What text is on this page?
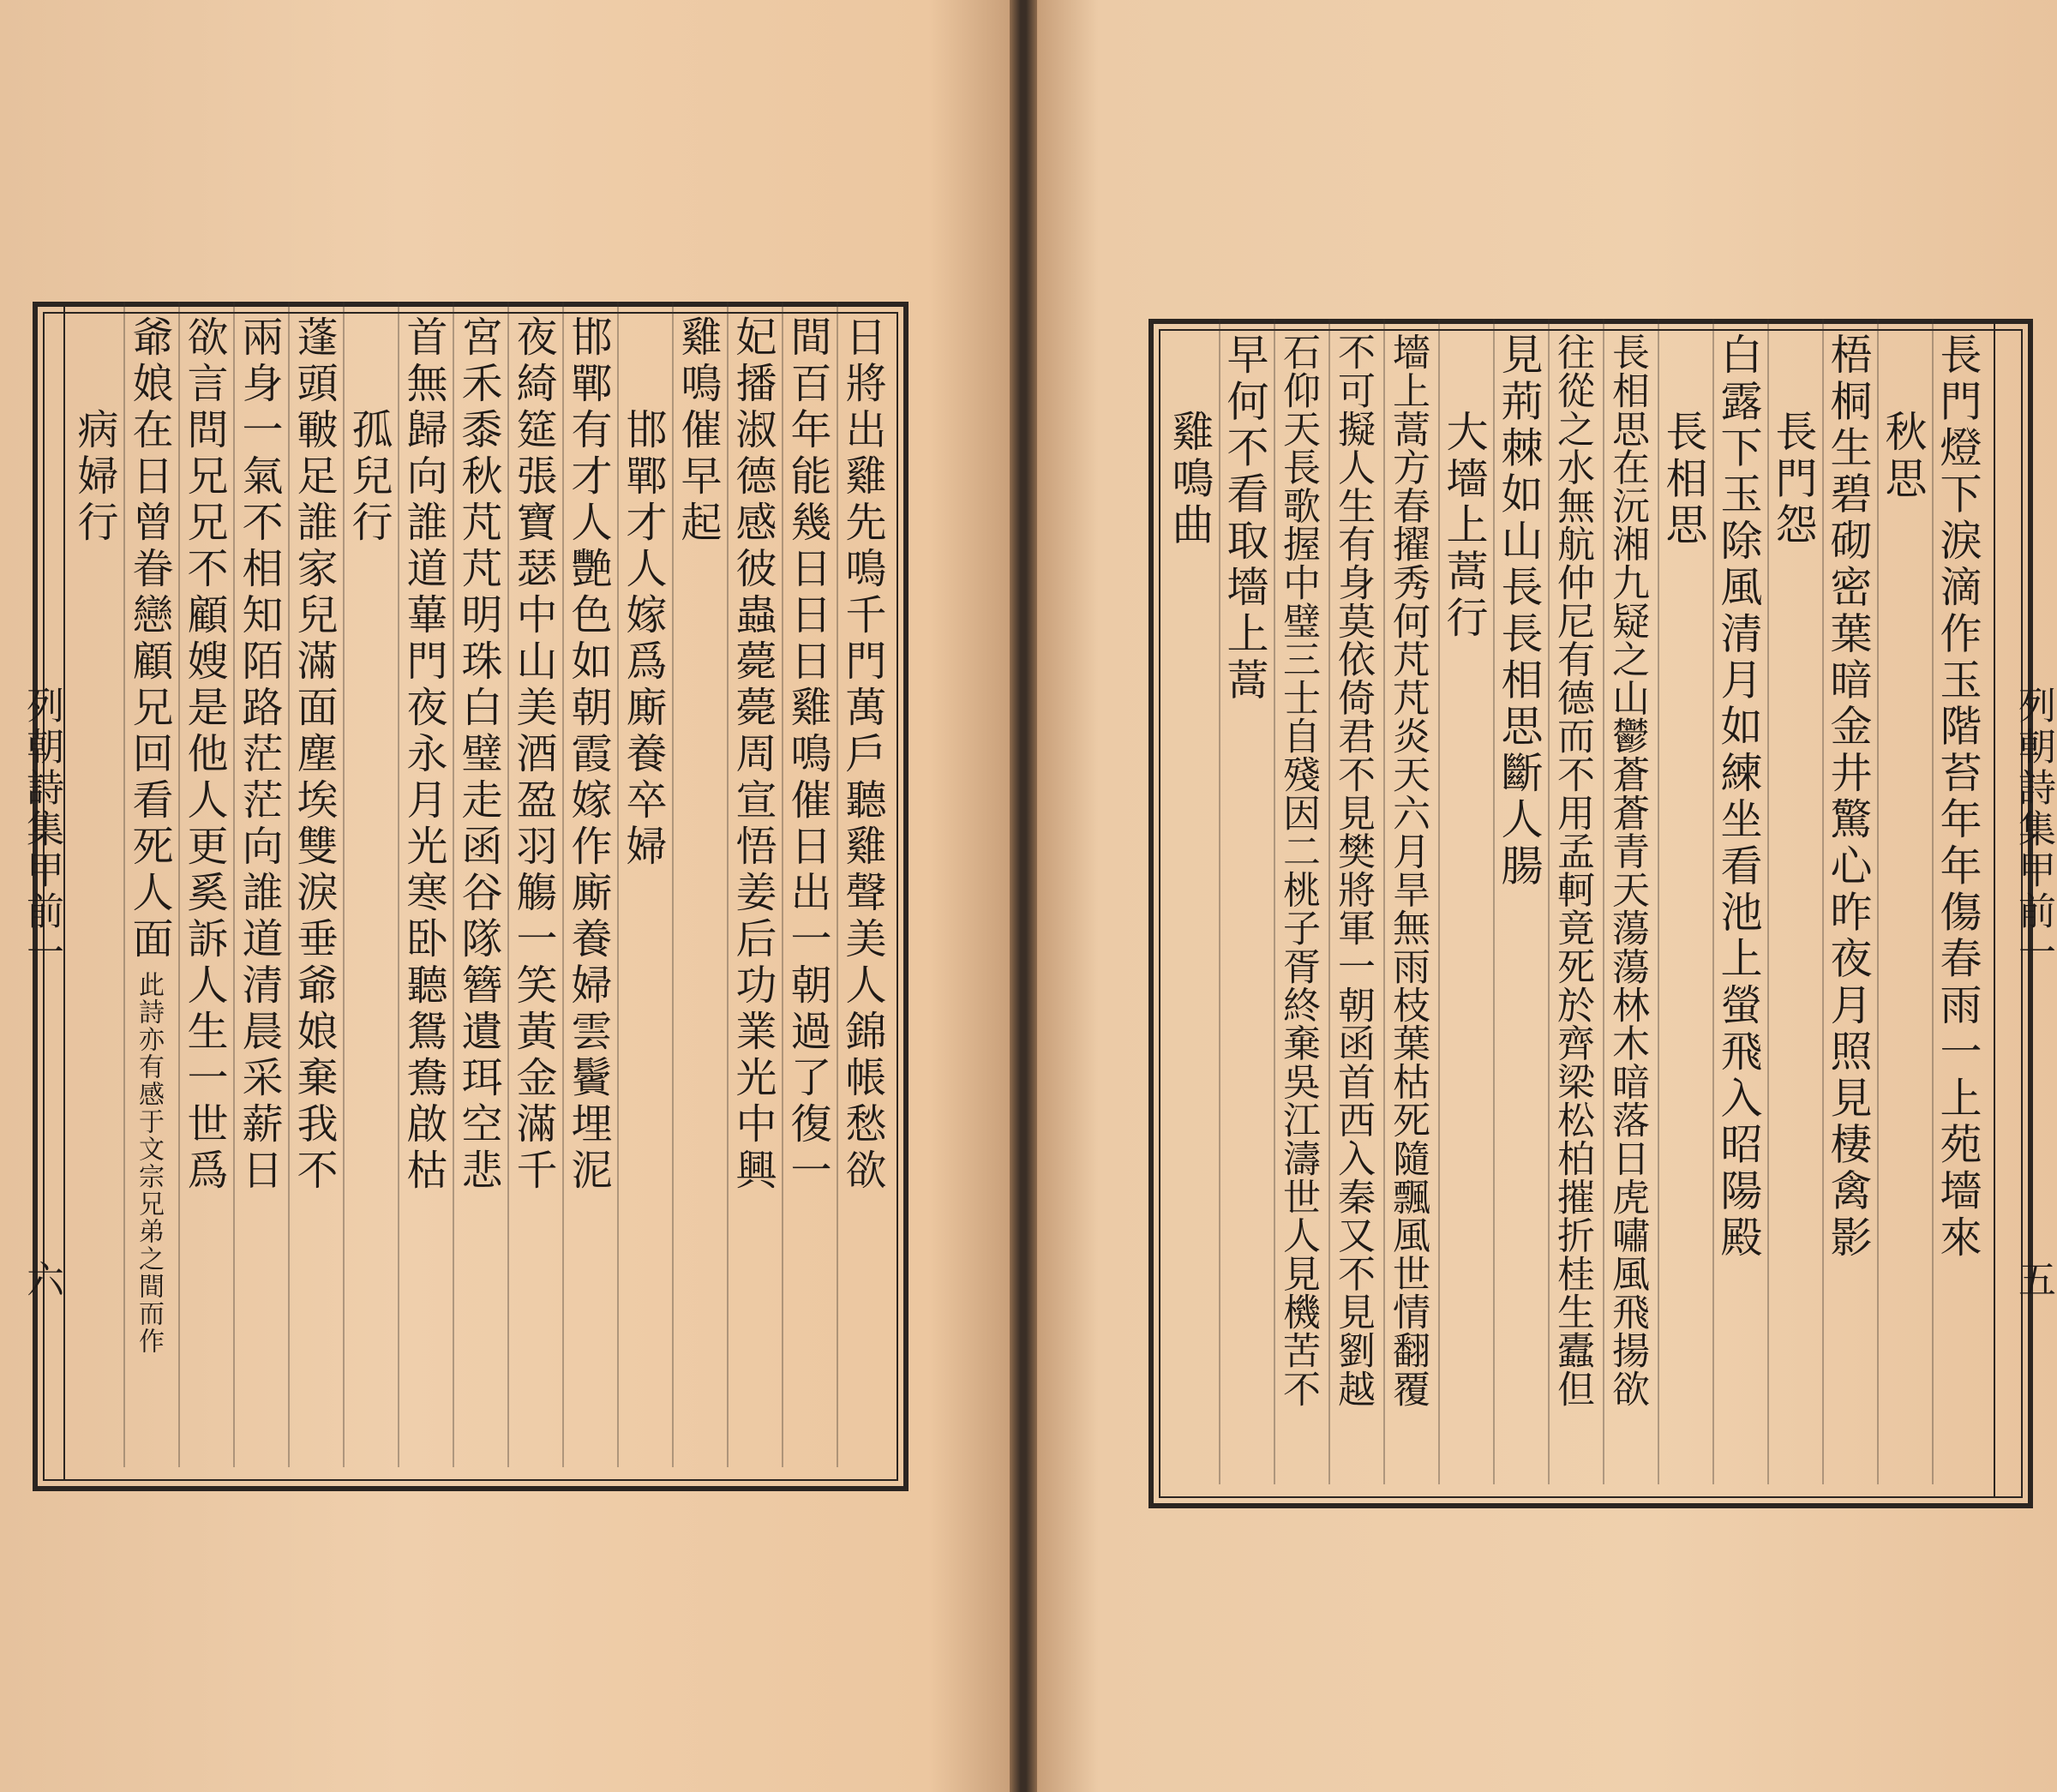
列朝詩集甲前一
六
列朝詩集甲前一
五
日將出雞先鳴千門萬戶聽雞聲美人錦帳愁欲
間百年能幾日日日雞鳴催日出一朝過了復一
妃播淑德感彼蟲薨薨周宣悟姜后功業光中興
雞鳴催早起
邯鄲才人嫁爲廝養卒婦
邯鄲有才人艷色如朝霞嫁作廝養婦雲鬢埋泥
夜綺筵張寶瑟中山美酒盈羽觴一笑黃金滿千
宮禾黍秋芃芃明珠白璧走函谷隊簪遺珥空悲
首無歸向誰道蓽門夜永月光寒卧聽鴛鴦啟枯
孤兒行
蓬頭皸足誰家兒滿面塵埃雙淚垂爺娘棄我不
兩身一氣不相知陌路茫茫向誰道清晨采薪日
欲言問兄兄不顧嫂是他人更奚訴人生一世爲
爺娘在日曾眷戀顧兄回看死人面
此詩亦有感于文宗兄弟之間而作
病婦行	長門燈下淚滴作玉階苔年年傷春雨一上苑墻來
秋思
梧桐生碧砌密葉暗金井驚心昨夜月照見棲禽影
長門怨
白露下玉除風清月如練坐看池上螢飛入昭陽殿
長相思
長相思在沅湘九疑之山鬱蒼蒼青天蕩蕩林木暗落日虎嘯風飛揚欲
往從之水無航仲尼有德而不用孟軻竟死於齊梁松柏摧折桂生蠹但
見荊棘如山長長相思斷人腸
大墻上蒿行
墻上蒿方春擢秀何芃芃炎天六月旱無雨枝葉枯死隨飄風世情翻覆
不可擬人生有身莫依倚君不見樊將軍一朝函首西入秦又不見劉越
石仰天長歌握中璧三士自殘因二桃子胥終棄吳江濤世人見機苦不
早何不看取墻上蒿
雞鳴曲
